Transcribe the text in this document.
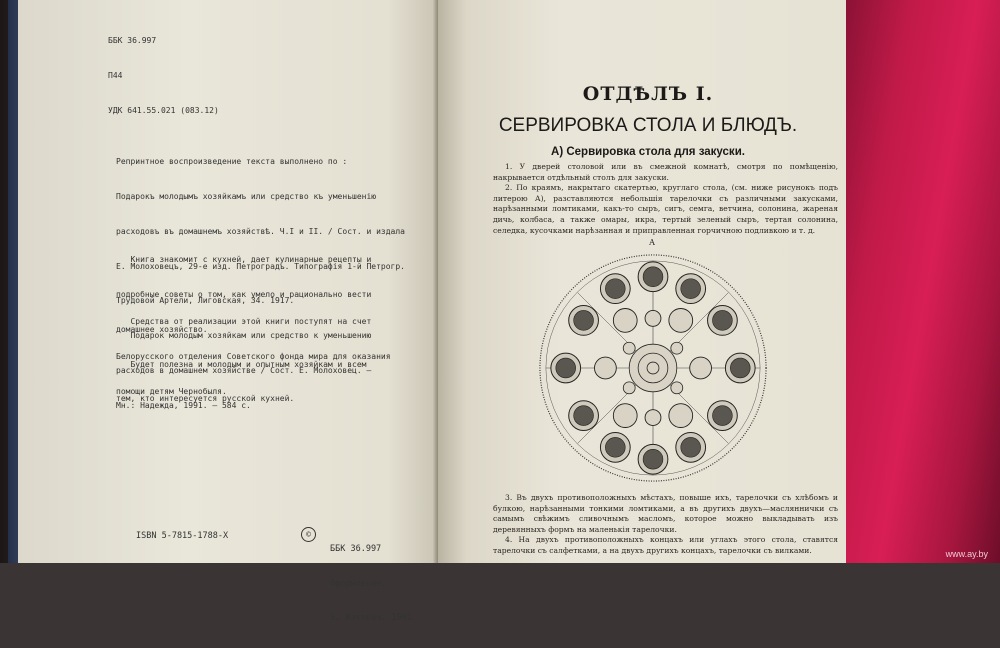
ББК 36.997

П44

УДК 641.55.021 (083.12)

Репринтное воспроизведение текста выполнено по :

Подарокъ молодымъ хозяйкамъ или средство къ уменьшенiю

расходовъ въ домашнемъ хозяйствѣ. Ч.I и II. / Сост. и издала

Е. Молоховецъ, 29-е изд. Петроградъ. Типографiя 1-й Петрогр.

Трудовой Артели, Лиговская, 34. 1917.

Подарок молодым хозяйкам или средство к уменьшению

расходов в домашнем хозяйстве / Сост. Е. Молоховец. –

Мн.: Надежда, 1991. – 584 с.

Книга знакомит с кухней, дает кулинарные рецепты и

подробные советы о том, как умело и рационально вести

домашнее хозяйство.

Будет полезна и молодым и опытным хозяйкам и всем

тем, кто интересуется русской кухней.

Средства от реализации этой книги поступят на счет

Белорусского отделения Советского фонда мира для оказания

помощи детям Чернобыля.

ISBN 5-7815-1788-X	©

ББК 36.997

Оформление.

Э. Жакевич. 1991

ОТДѢЛЪ I.
СЕРВИРОВКА СТОЛА И БЛЮДЪ.
А) Сервировка стола для закуски.

1. У дверей столовой или въ смежной комнатѣ, смотря по помѣщенiю, накрывается отдѣльный столъ для закуски.

2. По краямъ, накрытаго скатертью, круглаго стола, (см. ниже рисунокъ подъ литерою А), разставляются небольшiя тарелочки съ различными закусками, нарѣзанными ломтиками, какъ-то сыръ, сигъ, семга, ветчина, солонина, жареная дичь, колбаса, а также омары, икра, тертый зеленый сыръ, тертая солонина, селедка, кусочками нарѣзанная и приправленная горчичною подливкою и т. д.

А

3. Въ двухъ противоположныхъ мѣстахъ, повыше ихъ, тарелочки съ хлѣбомъ и булкою, нарѣзанными тонкими ломтиками, а въ другихъ двухъ—масляннички съ самымъ свѣжимъ сливочнымъ масломъ, которое можно выкладывать изъ деревянныхъ формъ на маленькiя тарелочки.

4. На двухъ противоположныхъ концахъ или углахъ этого стола, ставятся тарелочки съ салфетками, а на двухъ другихъ концахъ, тарелочки съ вилками.	www.ay.by
